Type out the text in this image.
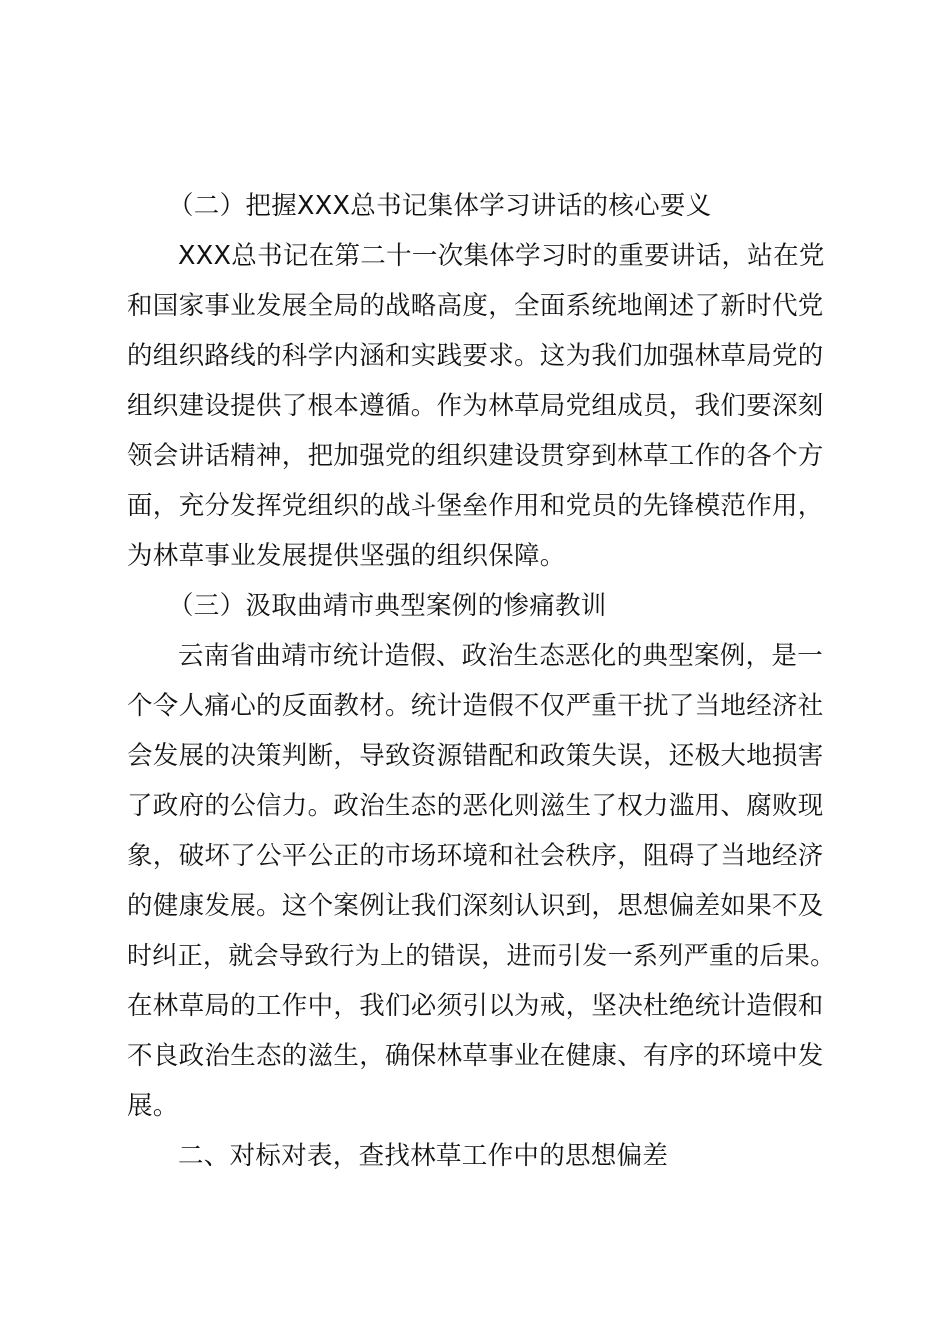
（二）把握XXX总书记集体学习讲话的核心要义
XXX总书记在第二十一次集体学习时的重要讲话，站在党
和国家事业发展全局的战略高度，全面系统地阐述了新时代党
的组织路线的科学内涵和实践要求。这为我们加强林草局党的
组织建设提供了根本遵循。作为林草局党组成员，我们要深刻
领会讲话精神，把加强党的组织建设贯穿到林草工作的各个方
面，充分发挥党组织的战斗堡垒作用和党员的先锋模范作用，
为林草事业发展提供坚强的组织保障。
（三）汲取曲靖市典型案例的惨痛教训
云南省曲靖市统计造假、政治生态恶化的典型案例，是一
个令人痛心的反面教材。统计造假不仅严重干扰了当地经济社
会发展的决策判断，导致资源错配和政策失误，还极大地损害
了政府的公信力。政治生态的恶化则滋生了权力滥用、腐败现
象，破坏了公平公正的市场环境和社会秩序，阻碍了当地经济
的健康发展。这个案例让我们深刻认识到，思想偏差如果不及
时纠正，就会导致行为上的错误，进而引发一系列严重的后果。
在林草局的工作中，我们必须引以为戒，坚决杜绝统计造假和
不良政治生态的滋生，确保林草事业在健康、有序的环境中发
展。
二、对标对表，查找林草工作中的思想偏差
